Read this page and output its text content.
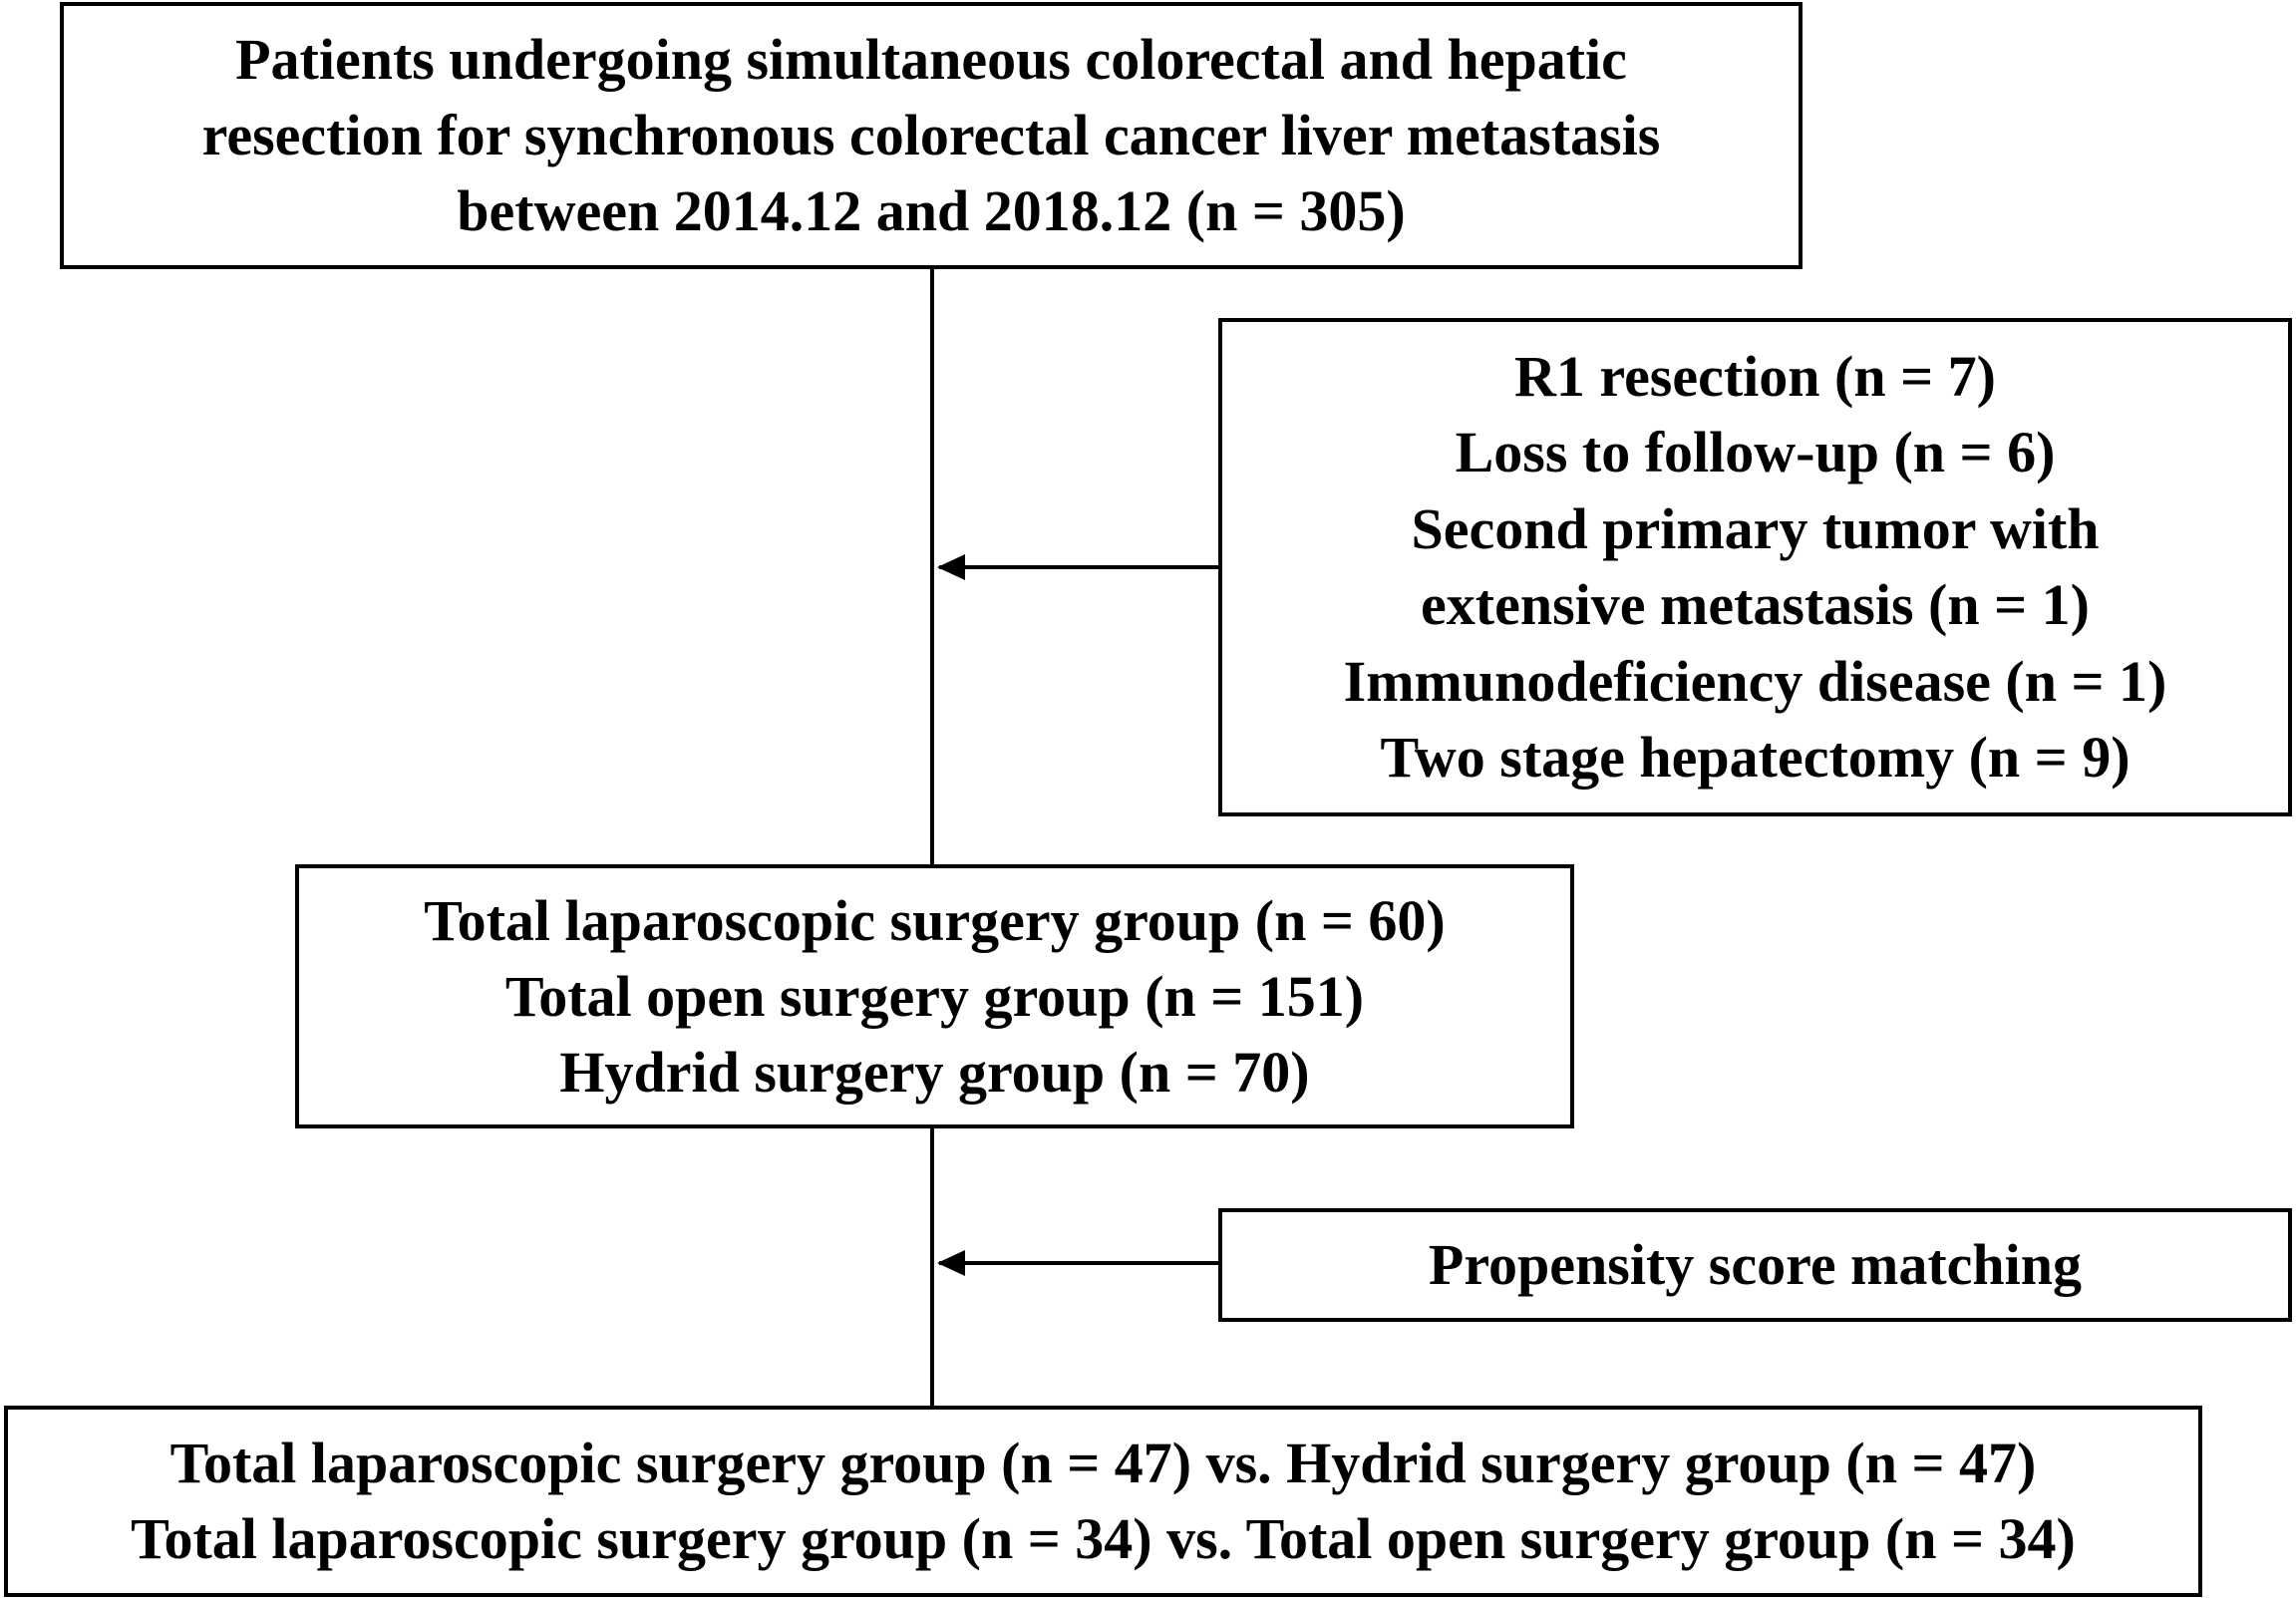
Patients undergoing simultaneous colorectal and hepatic
resection for synchronous colorectal cancer liver metastasis
between 2014.12 and 2018.12 (n = 305)
R1 resection (n = 7)
Loss to follow-up (n = 6)
Second primary tumor with
extensive metastasis (n = 1)
Immunodeficiency disease (n = 1)
Two stage hepatectomy (n = 9)
Total laparoscopic surgery group (n = 60)
Total open surgery group (n = 151)
Hydrid surgery group (n = 70)
Propensity score matching
Total laparoscopic surgery group (n = 47) vs. Hydrid surgery group (n = 47)
Total laparoscopic surgery group (n = 34) vs. Total open surgery group (n = 34)
